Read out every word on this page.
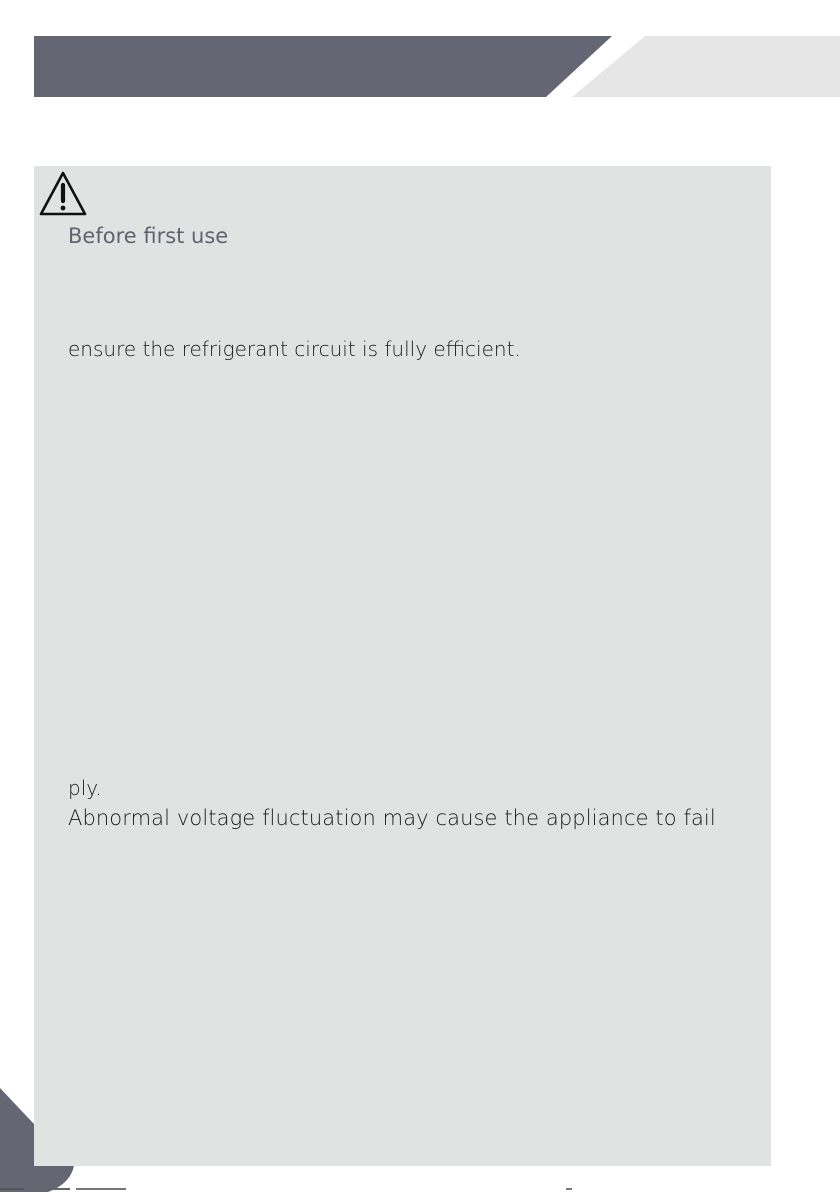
Before first use
ensure the refrigerant circuit is fully efficient.
ply.
Abnormal voltage fluctuation may cause the appliance to fail
